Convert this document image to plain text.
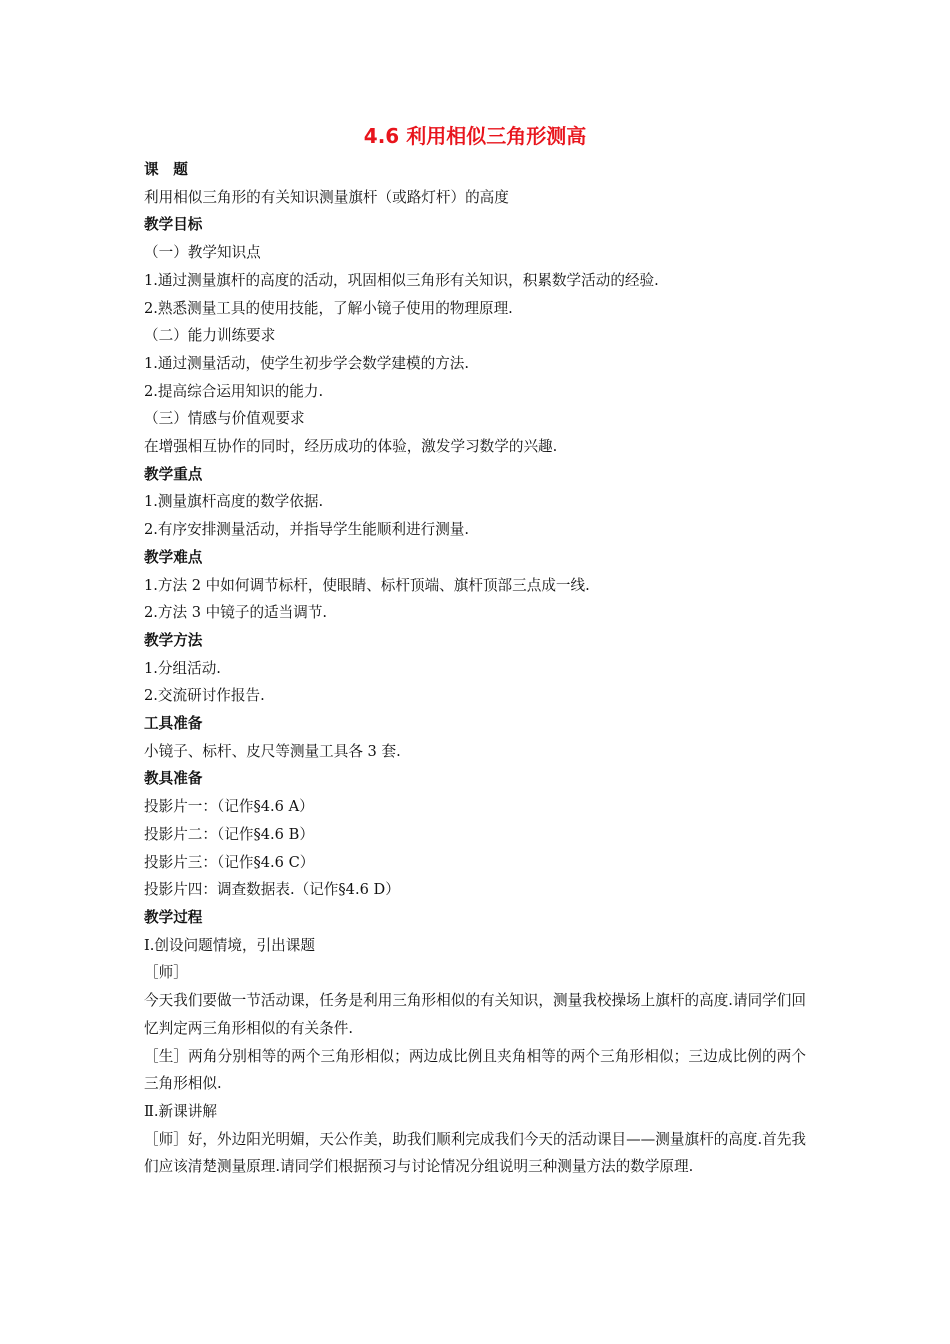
4.6 利用相似三角形测高
课　题
利用相似三角形的有关知识测量旗杆（或路灯杆）的高度
教学目标
（一）教学知识点
1.通过测量旗杆的高度的活动，巩固相似三角形有关知识，积累数学活动的经验.
2.熟悉测量工具的使用技能，了解小镜子使用的物理原理.
（二）能力训练要求
1.通过测量活动，使学生初步学会数学建模的方法.
2.提高综合运用知识的能力.
（三）情感与价值观要求
在增强相互协作的同时，经历成功的体验，激发学习数学的兴趣.
教学重点
1.测量旗杆高度的数学依据.
2.有序安排测量活动，并指导学生能顺利进行测量.
教学难点
1.方法 2 中如何调节标杆，使眼睛、标杆顶端、旗杆顶部三点成一线.
2.方法 3 中镜子的适当调节.
教学方法
1.分组活动.
2.交流研讨作报告.
工具准备
小镜子、标杆、皮尺等测量工具各 3 套.
教具准备
投影片一：（记作§4.6 A）
投影片二：（记作§4.6 B）
投影片三：（记作§4.6 C）
投影片四：调查数据表.（记作§4.6 D）
教学过程
Ⅰ.创设问题情境，引出课题
［师］
今天我们要做一节活动课，任务是利用三角形相似的有关知识，测量我校操场上旗杆的高度.请同学们回忆判定两三角形相似的有关条件.
［生］两角分别相等的两个三角形相似；两边成比例且夹角相等的两个三角形相似；三边成比例的两个三角形相似.
Ⅱ.新课讲解
［师］好，外边阳光明媚，天公作美，助我们顺利完成我们今天的活动课目——测量旗杆的高度.首先我们应该清楚测量原理.请同学们根据预习与讨论情况分组说明三种测量方法的数学原理.
